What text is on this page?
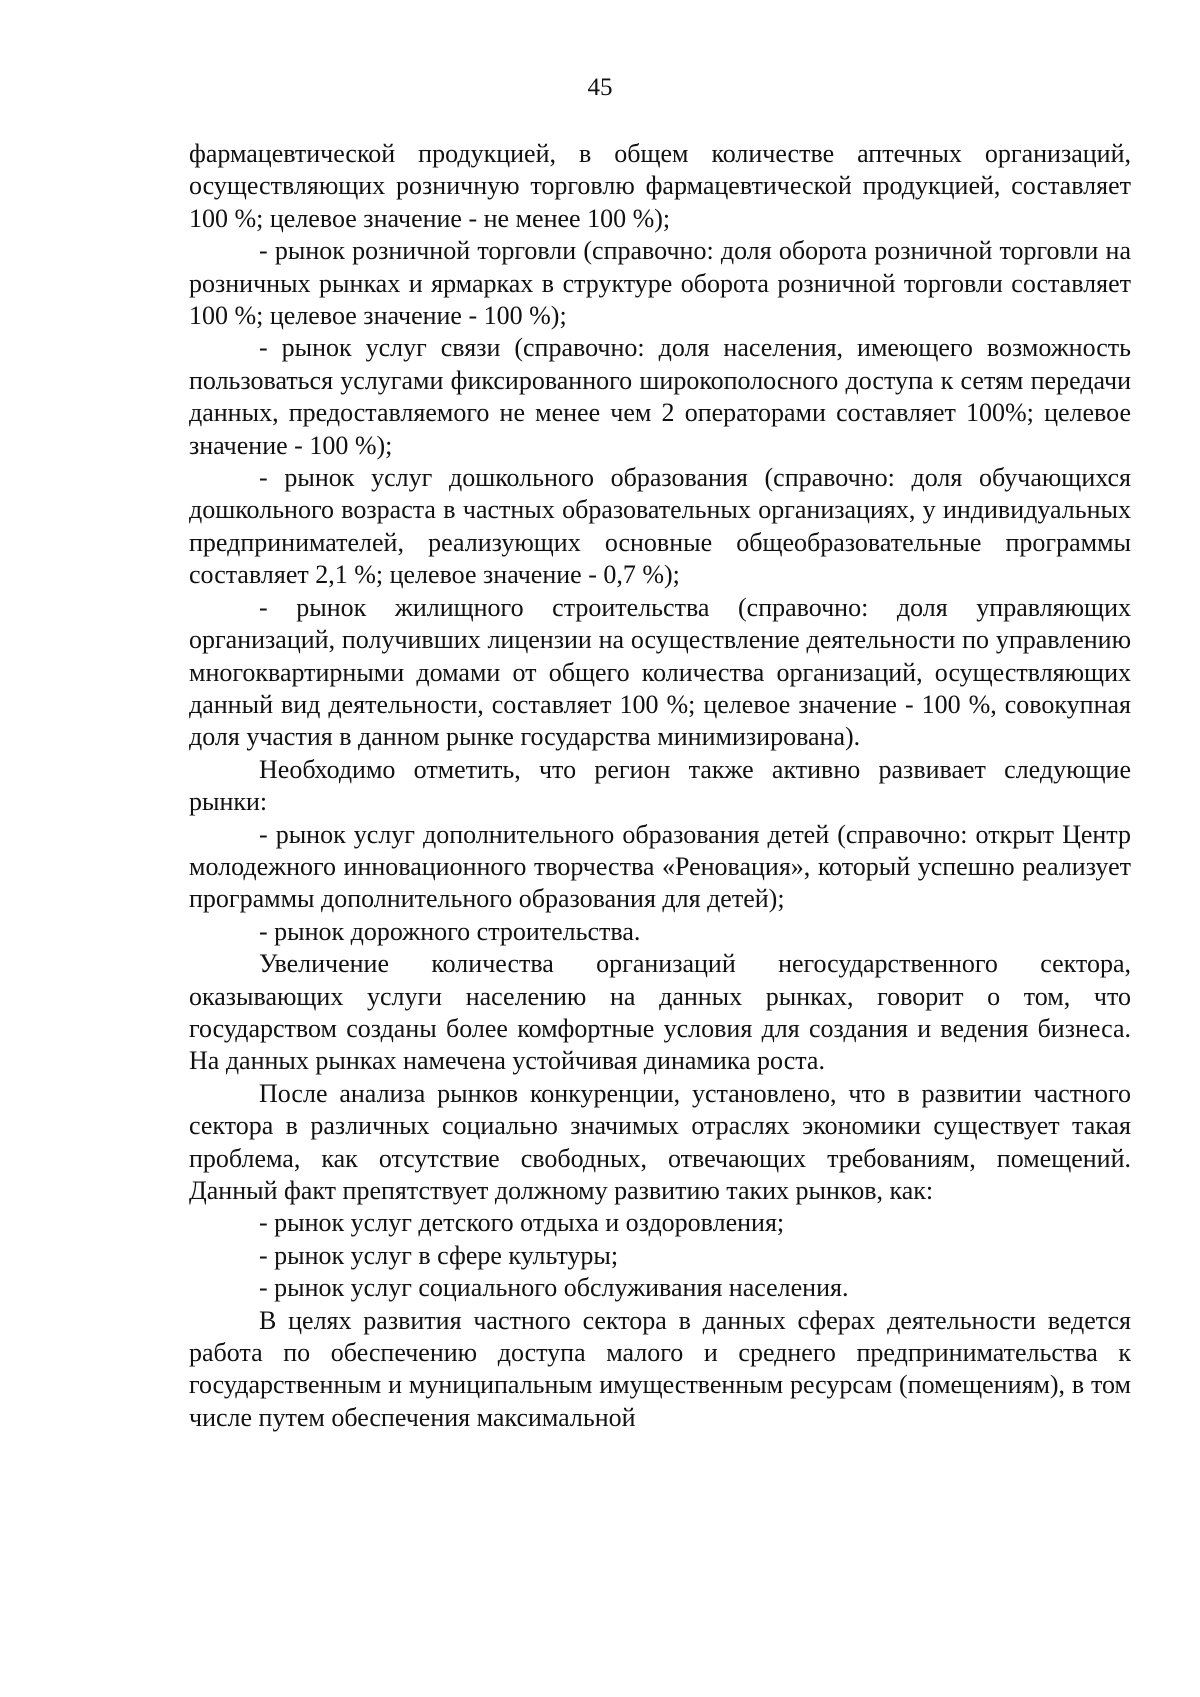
45

фармацевтической продукцией, в общем количестве аптечных организаций, осуществляющих розничную торговлю фармацевтической продукцией, составляет 100 %; целевое значение - не менее 100 %);

- рынок розничной торговли (справочно: доля оборота розничной торговли на розничных рынках и ярмарках в структуре оборота розничной торговли составляет 100 %; целевое значение - 100 %);

- рынок услуг связи (справочно: доля населения, имеющего возможность пользоваться услугами фиксированного широкополосного доступа к сетям передачи данных, предоставляемого не менее чем 2 операторами составляет 100%; целевое значение - 100 %);

- рынок услуг дошкольного образования (справочно: доля обучающихся дошкольного возраста в частных образовательных организациях, у индивидуальных предпринимателей, реализующих основные общеобразовательные программы составляет 2,1 %; целевое значение - 0,7 %);

- рынок жилищного строительства (справочно: доля управляющих организаций, получивших лицензии на осуществление деятельности по управлению многоквартирными домами от общего количества организаций, осуществляющих данный вид деятельности, составляет 100 %; целевое значение - 100 %, совокупная доля участия в данном рынке государства минимизирована).

Необходимо отметить, что регион также активно развивает следующие рынки:

- рынок услуг дополнительного образования детей (справочно: открыт Центр молодежного инновационного творчества «Реновация», который успешно реализует программы дополнительного образования для детей);

- рынок дорожного строительства.

Увеличение количества организаций негосударственного сектора, оказывающих услуги населению на данных рынках, говорит о том, что государством созданы более комфортные условия для создания и ведения бизнеса. На данных рынках намечена устойчивая динамика роста.

После анализа рынков конкуренции, установлено, что в развитии частного сектора в различных социально значимых отраслях экономики существует такая проблема, как отсутствие свободных, отвечающих требованиям, помещений. Данный факт препятствует должному развитию таких рынков, как:

- рынок услуг детского отдыха и оздоровления;

- рынок услуг в сфере культуры;

- рынок услуг социального обслуживания населения.

В целях развития частного сектора в данных сферах деятельности ведется работа по обеспечению доступа малого и среднего предпринимательства к государственным и муниципальным имущественным ресурсам (помещениям), в том числе путем обеспечения максимальной
